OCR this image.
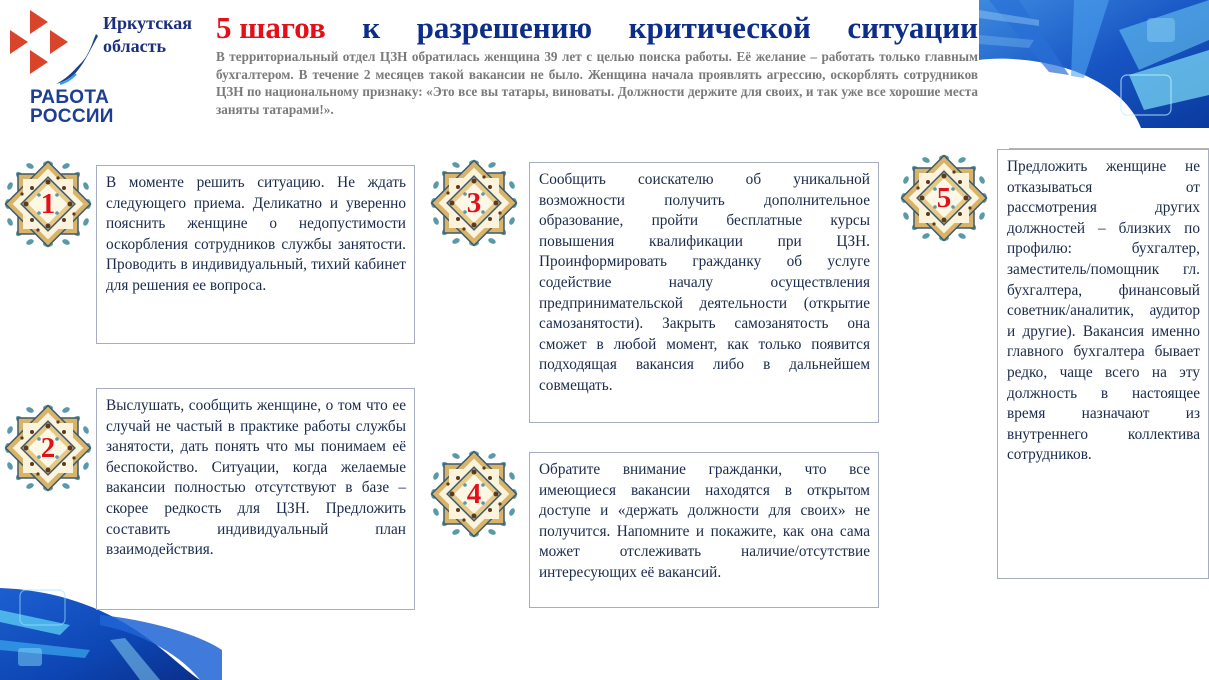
Иркутская
область
РАБОТА
РОССИИ
5 шагов к разрешению критической ситуации
В территориальный отдел ЦЗН обратилась женщина 39 лет с целью поиска работы. Её желание – работать только главным бухгалтером. В течение 2 месяцев такой вакансии не было. Женщина начала проявлять агрессию, оскорблять сотрудников ЦЗН по национальному признаку: «Это все вы татары, виноваты. Должности держите для своих, и так уже все хорошие места заняты татарами!».
1
В моменте решить ситуацию. Не ждать следующего приема. Деликатно и уверенно пояснить женщине о недопустимости оскорбления сотрудников службы занятости. Проводить в индивидуальный, тихий кабинет для решения ее вопроса.
2
Выслушать, сообщить женщине, о том что ее случай не частый в практике работы службы занятости, дать понять что мы понимаем её беспокойство. Ситуации, когда желаемые вакансии полностью отсутствуют в базе – скорее редкость для ЦЗН. Предложить составить индивидуальный план взаимодействия.
3
Сообщить соискателю об уникальной возможности получить дополнительное образование, пройти бесплатные курсы повышения квалификации при ЦЗН. Проинформировать гражданку об услуге содействие началу осуществления предпринимательской деятельности (открытие самозанятости). Закрыть самозанятость она сможет в любой момент, как только появится подходящая вакансия либо в дальнейшем совмещать.
4
Обратите внимание гражданки, что все имеющиеся вакансии находятся в открытом доступе и «держать должности для своих» не получится. Напомните и покажите, как она сама может отслеживать наличие/отсутствие интересующих её вакансий.
5
Предложить женщине не отказываться от рассмотрения других должностей – близких по профилю: бухгалтер, заместитель/помощник гл. бухгалтера, финансовый советник/аналитик, аудитор и другие). Вакансия именно главного бухгалтера бывает редко, чаще всего на эту должность в настоящее время назначают из внутреннего коллектива сотрудников.
